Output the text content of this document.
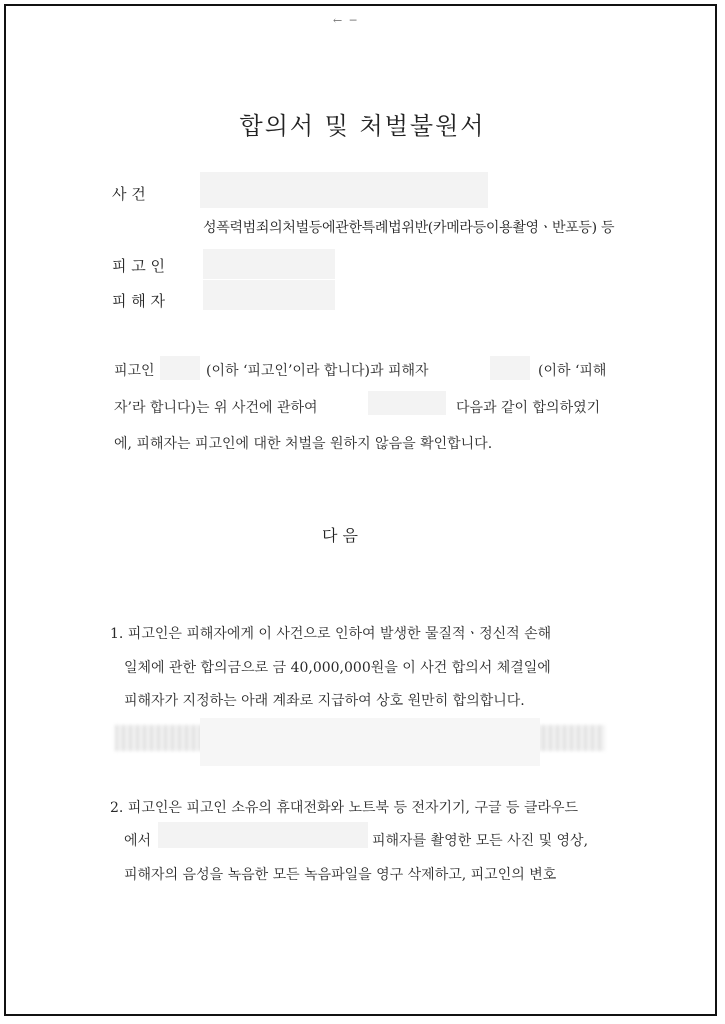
← ─
합의서 및 처벌불원서
사 건
성폭력범죄의처벌등에관한특례법위반(카메라등이용촬영ㆍ반포등) 등
피 고 인
피 해 자
피고인	(이하 ‘피고인’이라 합니다)과 피해자	(이하 ‘피해
자’라 합니다)는 위 사건에 관하여	다음과 같이 합의하였기
에, 피해자는 피고인에 대한 처벌을 원하지 않음을 확인합니다.
다 음
1. 피고인은 피해자에게 이 사건으로 인하여 발생한 물질적ㆍ정신적 손해
일체에 관한 합의금으로 금 40,000,000원을 이 사건 합의서 체결일에
피해자가 지정하는 아래 계좌로 지급하여 상호 원만히 합의합니다.
2. 피고인은 피고인 소유의 휴대전화와 노트북 등 전자기기, 구글 등 클라우드
에서	피해자를 촬영한 모든 사진 및 영상,
피해자의 음성을 녹음한 모든 녹음파일을 영구 삭제하고, 피고인의 변호
